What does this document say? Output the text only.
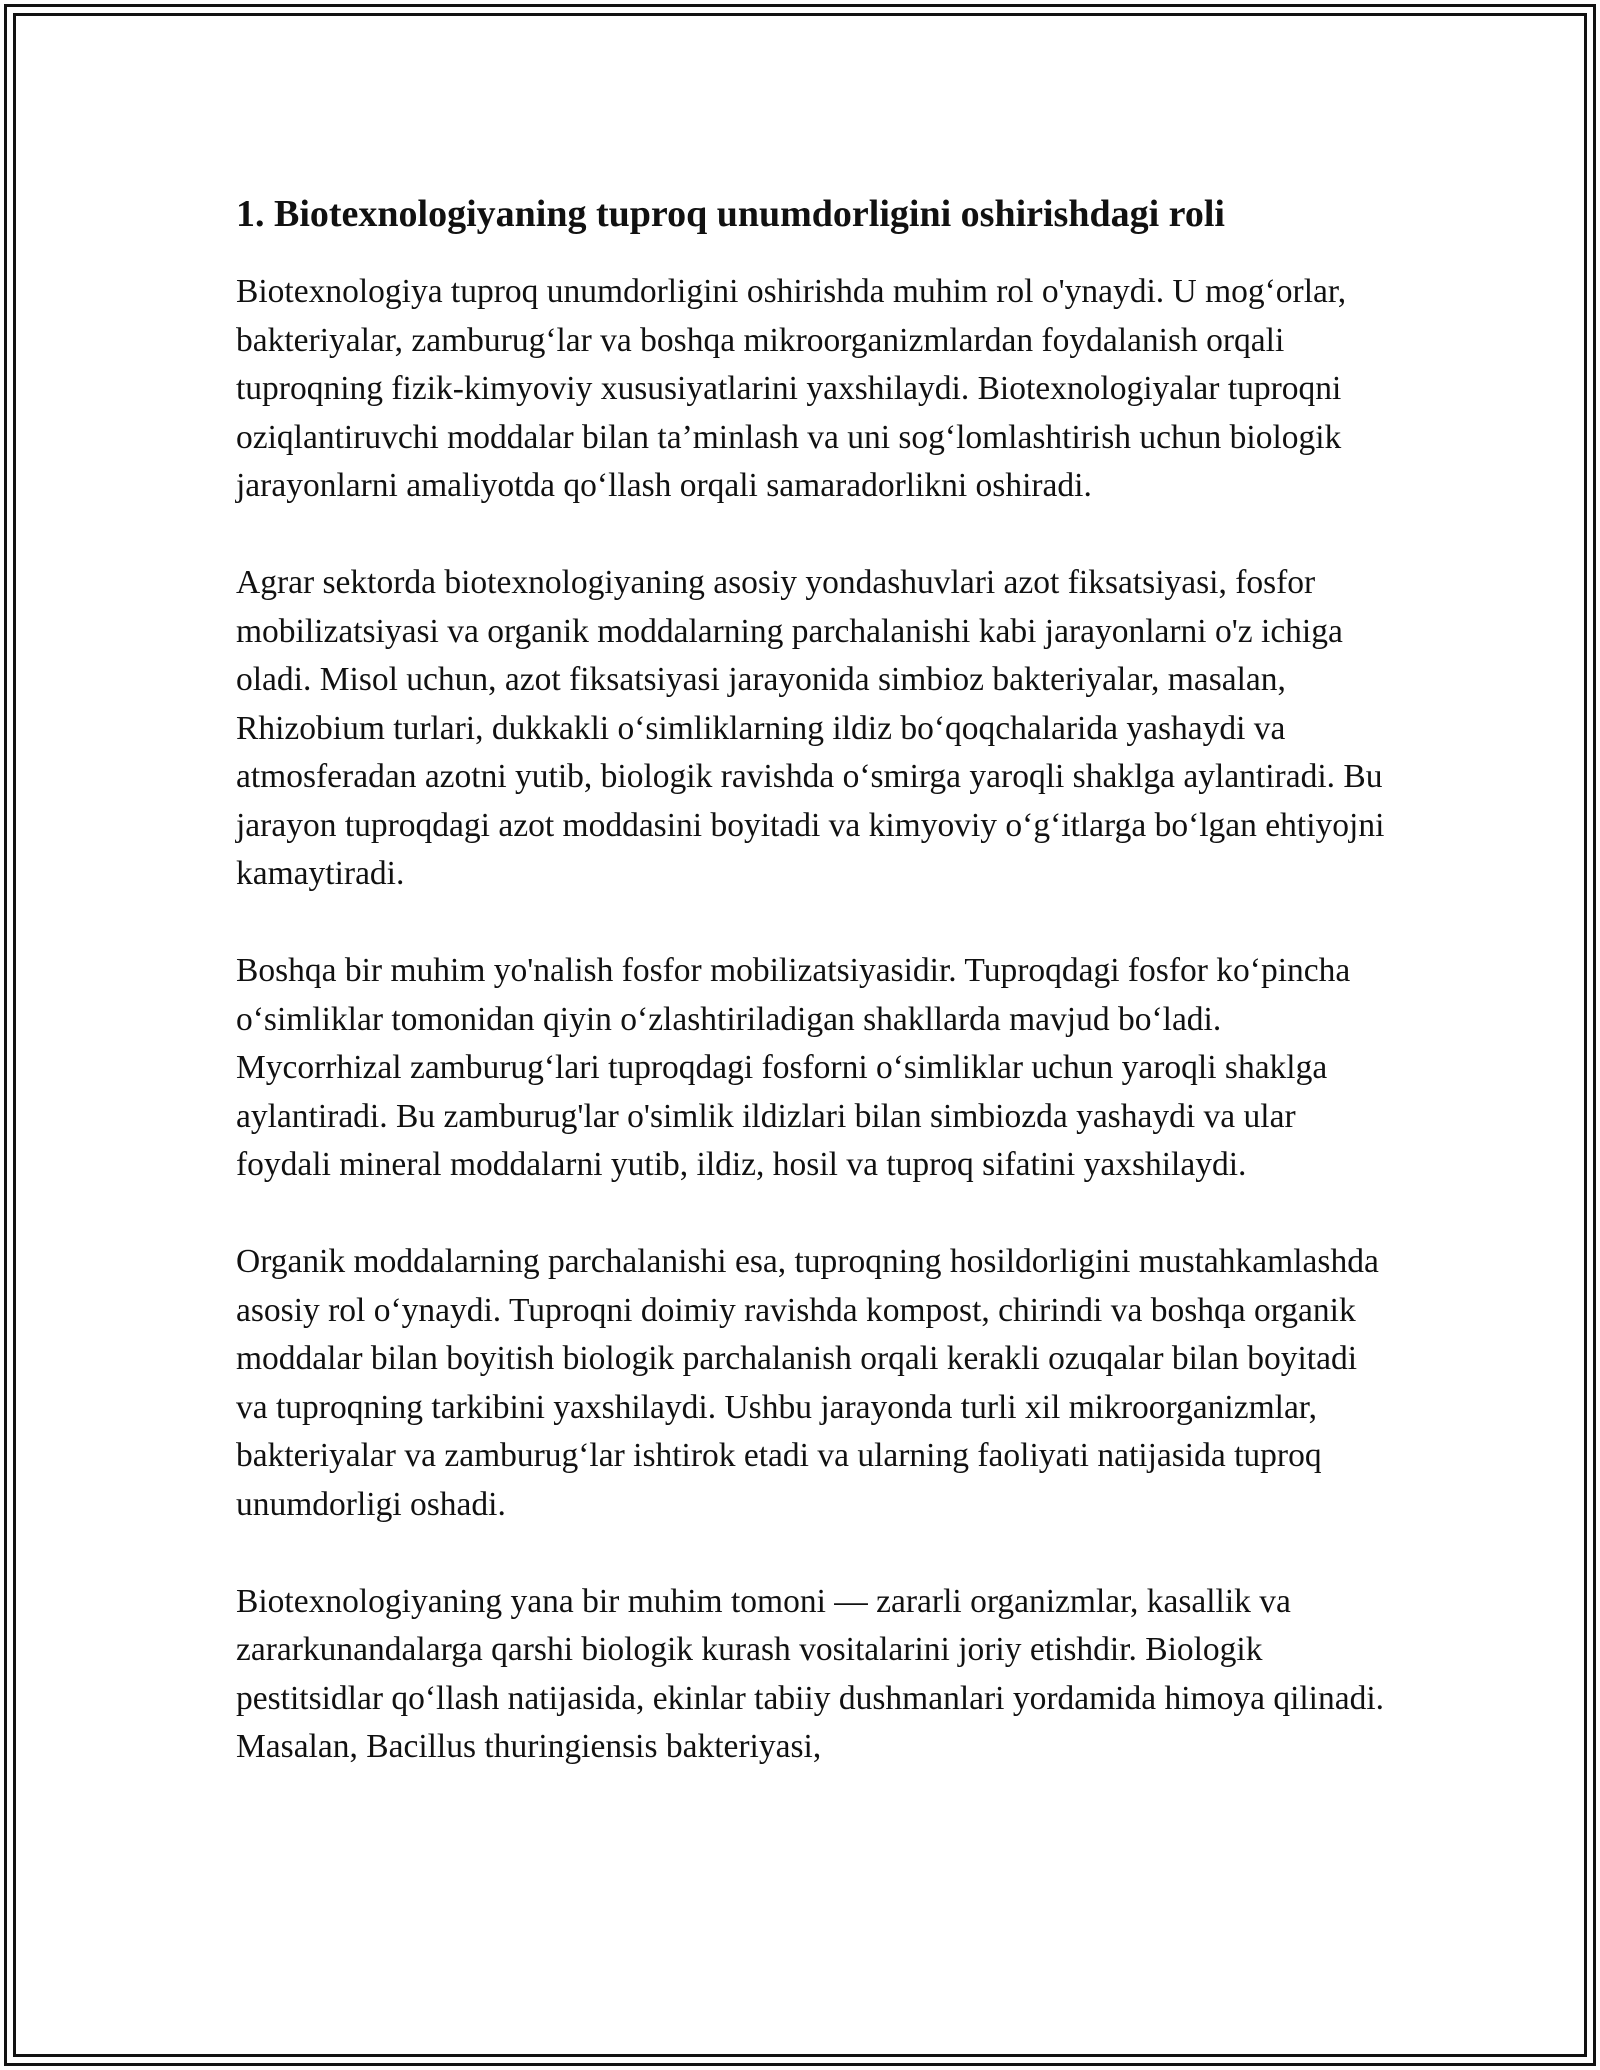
1. Biotexnologiyaning tuproq unumdorligini oshirishdagi roli

Biotexnologiya tuproq unumdorligini oshirishda muhim rol o'ynaydi. U mog‘orlar, bakteriyalar, zamburug‘lar va boshqa mikroorganizmlardan foydalanish orqali tuproqning fizik-kimyoviy xususiyatlarini yaxshilaydi. Biotexnologiyalar tuproqni oziqlantiruvchi moddalar bilan ta’minlash va uni sog‘lomlashtirish uchun biologik jarayonlarni amaliyotda qo‘llash orqali samaradorlikni oshiradi.

Agrar sektorda biotexnologiyaning asosiy yondashuvlari azot fiksatsiyasi, fosfor mobilizatsiyasi va organik moddalarning parchalanishi kabi jarayonlarni o'z ichiga oladi. Misol uchun, azot fiksatsiyasi jarayonida simbioz bakteriyalar, masalan, Rhizobium turlari, dukkakli o‘simliklarning ildiz bo‘qoqchalarida yashaydi va atmosferadan azotni yutib, biologik ravishda o‘smirga yaroqli shaklga aylantiradi. Bu jarayon tuproqdagi azot moddasini boyitadi va kimyoviy o‘g‘itlarga bo‘lgan ehtiyojni kamaytiradi.

Boshqa bir muhim yo'nalish fosfor mobilizatsiyasidir. Tuproqdagi fosfor ko‘pincha o‘simliklar tomonidan qiyin o‘zlashtiriladigan shakllarda mavjud bo‘ladi. Mycorrhizal zamburug‘lari tuproqdagi fosforni o‘simliklar uchun yaroqli shaklga aylantiradi. Bu zamburug'lar o'simlik ildizlari bilan simbiozda yashaydi va ular foydali mineral moddalarni yutib, ildiz, hosil va tuproq sifatini yaxshilaydi.

Organik moddalarning parchalanishi esa, tuproqning hosildorligini mustahkamlashda asosiy rol o‘ynaydi. Tuproqni doimiy ravishda kompost, chirindi va boshqa organik moddalar bilan boyitish biologik parchalanish orqali kerakli ozuqalar bilan boyitadi va tuproqning tarkibini yaxshilaydi. Ushbu jarayonda turli xil mikroorganizmlar, bakteriyalar va zamburug‘lar ishtirok etadi va ularning faoliyati natijasida tuproq unumdorligi oshadi.

Biotexnologiyaning yana bir muhim tomoni — zararli organizmlar, kasallik va zararkunandalarga qarshi biologik kurash vositalarini joriy etishdir. Biologik pestitsidlar qo‘llash natijasida, ekinlar tabiiy dushmanlari yordamida himoya qilinadi. Masalan, Bacillus thuringiensis bakteriyasi,
